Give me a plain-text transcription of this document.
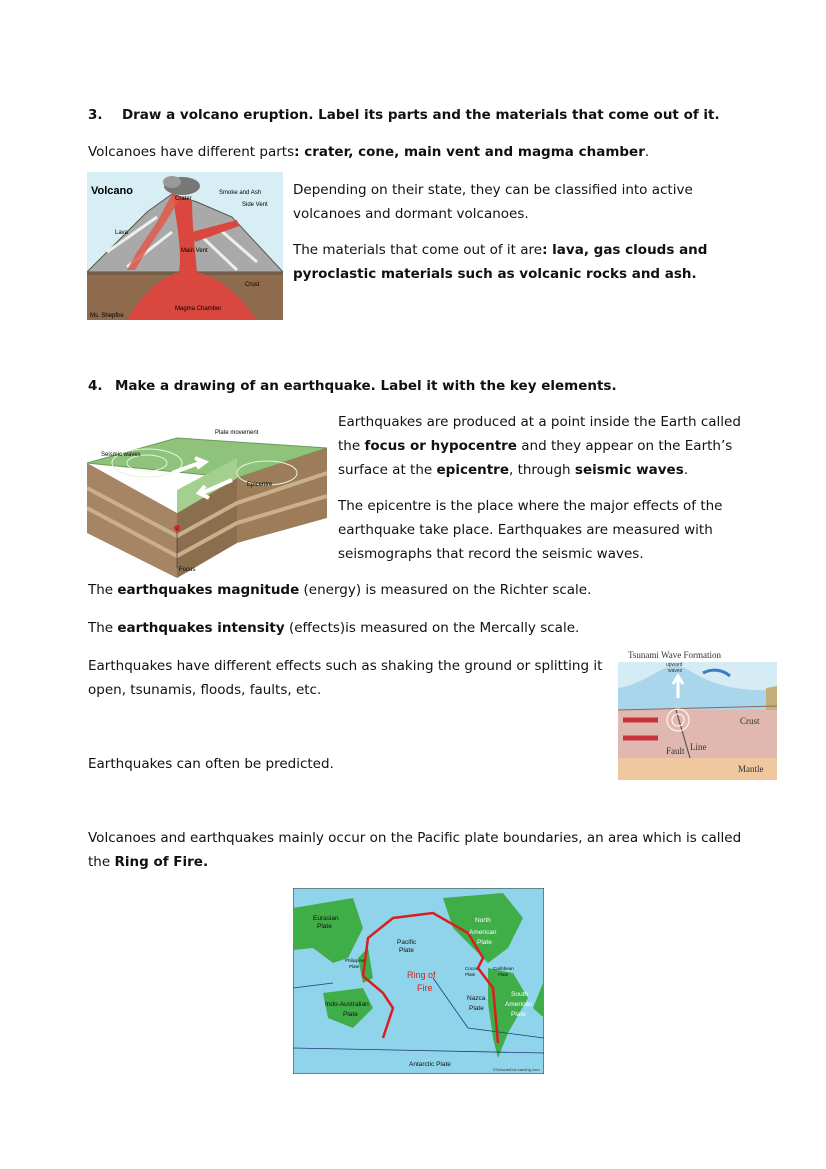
3. Draw a volcano eruption. Label its parts and the materials that come out of it.
Volcanoes have different parts: crater, cone, main vent and magma chamber.
Volcano	Smoke and Ash
Crater
Side Vent
Lava
Main Vent
Crust
Magma Chamber
Ms. Shepfire
Depending on their state, they can be classified into active volcanoes and dormant volcanoes.
The materials that come out of it are: lava, gas clouds and pyroclastic materials such as volcanic rocks and ash.
4. Make a drawing of an earthquake. Label it with the key elements.
Plate movement
Seismic waves
Epicentre
Focus
Earthquakes are produced at a point inside the Earth called the focus or hypocentre and they appear on the Earth’s surface at the epicentre, through seismic waves.
The epicentre is the place where the major effects of the earthquake take place. Earthquakes are measured with seismographs that record the seismic waves.
The earthquakes magnitude (energy) is measured on the Richter scale.
The earthquakes intensity (effects)is measured on the Mercally scale.
Earthquakes have different effects such as shaking the ground or splitting it open, tsunamis, floods, faults, etc.
Earthquakes can often be predicted.
Tsunami Wave Formation
upward
waves
Crust
Fault Line
Mantle
Volcanoes and earthquakes mainly occur on the Pacific plate boundaries, an area which is called the Ring of Fire.
Eurasian
Plate
Pacific
Plate
North
American
Plate
Philippine
Plate
Ring of
Fire
Caribbean
Plate
Cocos
Plate
Indo-Australian
Plate
Nazca
Plate
South
American
Plate
Antarctic Plate
©SchoolsDoLearning.com
